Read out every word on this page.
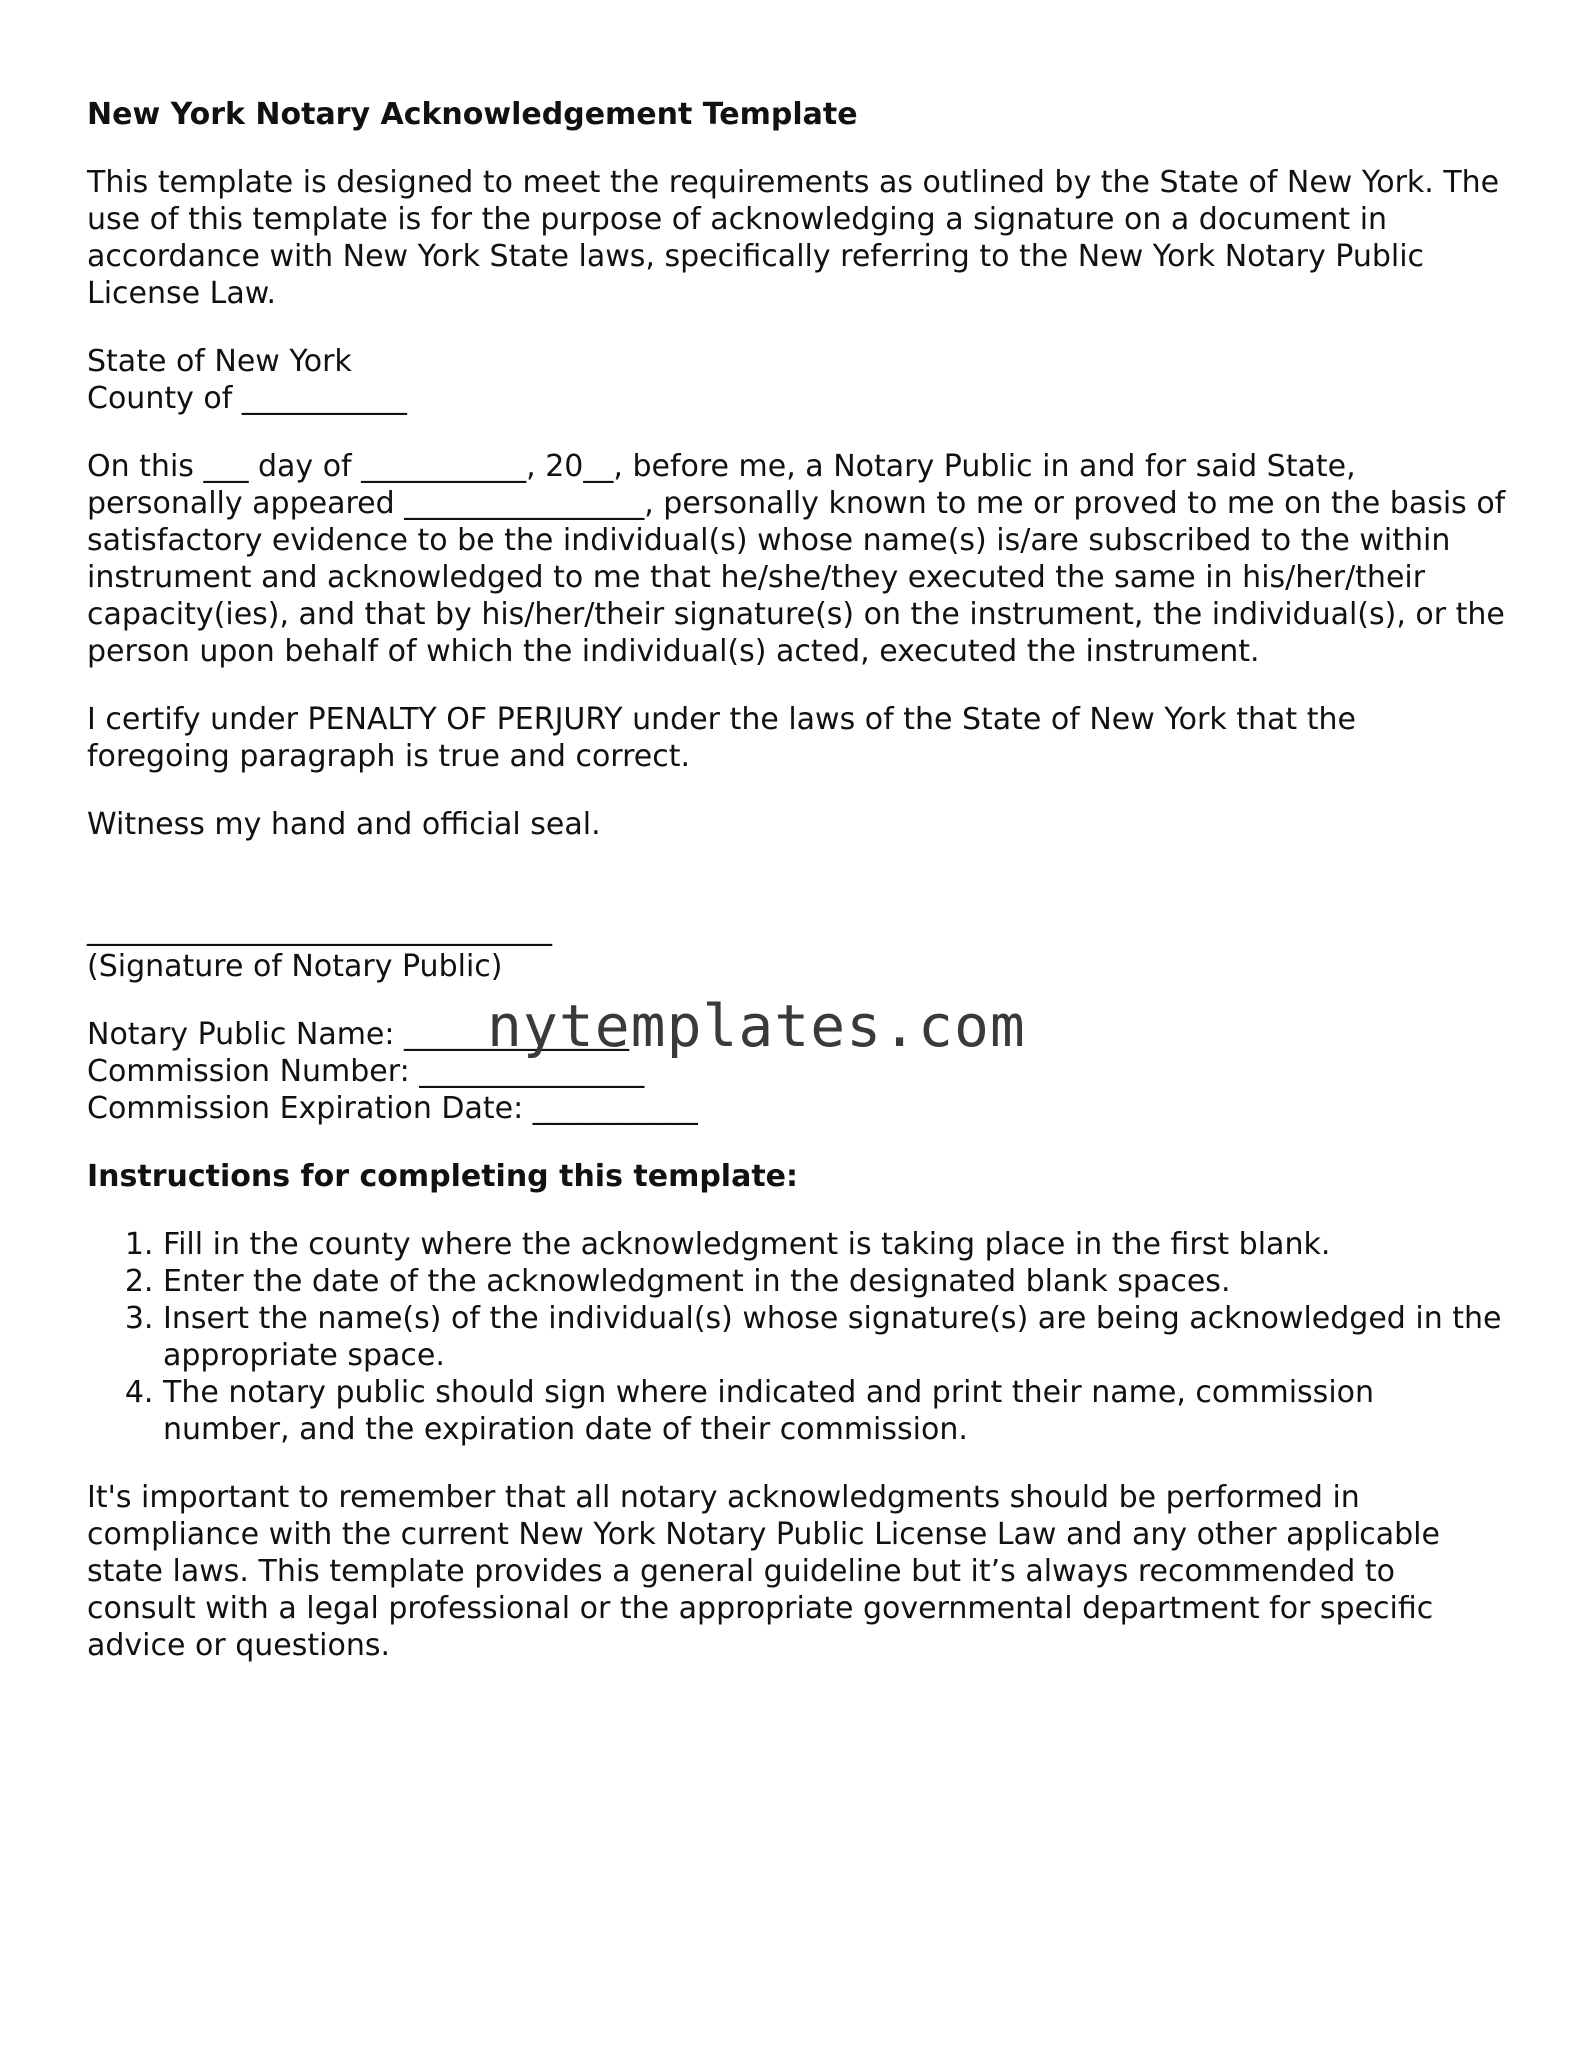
New York Notary Acknowledgement Template

This template is designed to meet the requirements as outlined by the State of New York. The use of this template is for the purpose of acknowledging a signature on a document in accordance with New York State laws, specifically referring to the New York Notary Public License Law.

State of New York
County of ___________

On this ___ day of ___________, 20__, before me, a Notary Public in and for said State, personally appeared ________________, personally known to me or proved to me on the basis of satisfactory evidence to be the individual(s) whose name(s) is/are subscribed to the within instrument and acknowledged to me that he/she/they executed the same in his/her/their capacity(ies), and that by his/her/their signature(s) on the instrument, the individual(s), or the person upon behalf of which the individual(s) acted, executed the instrument.

I certify under PENALTY OF PERJURY under the laws of the State of New York that the foregoing paragraph is true and correct.

Witness my hand and official seal.

_______________________________
(Signature of Notary Public)

Notary Public Name: _______________
Commission Number: _______________
Commission Expiration Date: ___________
nytemplates.com

Instructions for completing this template:
1. Fill in the county where the acknowledgment is taking place in the first blank.
2. Enter the date of the acknowledgment in the designated blank spaces.
3. Insert the name(s) of the individual(s) whose signature(s) are being acknowledged in the appropriate space.
4. The notary public should sign where indicated and print their name, commission number, and the expiration date of their commission.

It's important to remember that all notary acknowledgments should be performed in compliance with the current New York Notary Public License Law and any other applicable state laws. This template provides a general guideline but it’s always recommended to consult with a legal professional or the appropriate governmental department for specific advice or questions.
